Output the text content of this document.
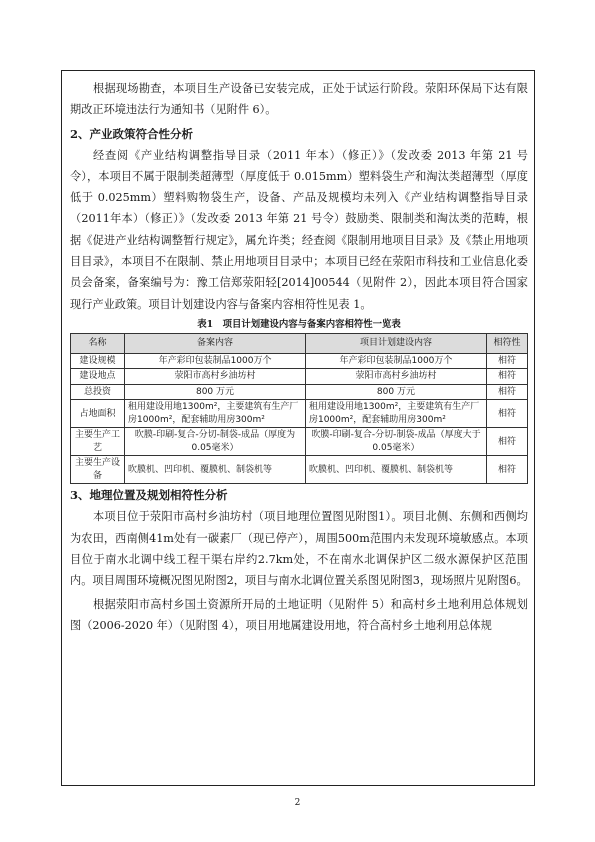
根据现场勘查，本项目生产设备已安装完成，正处于试运行阶段。荥阳环保局下达有限期改正环境违法行为通知书（见附件 6）。

2、产业政策符合性分析

经查阅《产业结构调整指导目录（2011 年本）（修正）》（发改委 2013 年第 21 号令），本项目不属于限制类超薄型（厚度低于 0.015mm）塑料袋生产和淘汰类超薄型（厚度低于 0.025mm）塑料购物袋生产，设备、产品及规模均未列入《产业结构调整指导目录（2011年本）（修正）》（发改委 2013 年第 21 号令）鼓励类、限制类和淘汰类的范畴，根据《促进产业结构调整暂行规定》，属允许类；经查阅《限制用地项目目录》及《禁止用地项目目录》，本项目不在限制、禁止用地项目目录中；本项目已经在荥阳市科技和工业信息化委员会备案，备案编号为：豫工信郑荥阳轻[2014]00544（见附件 2），因此本项目符合国家现行产业政策。项目计划建设内容与备案内容相符性见表 1。

表1　项目计划建设内容与备案内容相符性一览表
名称	备案内容	项目计划建设内容	相符性
建设规模	年产彩印包装制品1000万个	年产彩印包装制品1000万个	相符
建设地点	荥阳市高村乡油坊村	荥阳市高村乡油坊村	相符
总投资	800 万元	800 万元	相符
占地面积	租用建设用地1300m²，主要建筑有生产厂房1000m²，配套辅助用房300m²	租用建设用地1300m²，主要建筑有生产厂房1000m²，配套辅助用房300m²	相符
主要生产工艺	吹膜-印刷-复合-分切-制袋-成品（厚度为0.05毫米）	吹膜-印刷-复合-分切-制袋-成品（厚度大于0.05毫米）	相符
主要生产设备	吹膜机、凹印机、覆膜机、制袋机等	吹膜机、凹印机、覆膜机、制袋机等	相符
3、地理位置及规划相符性分析

本项目位于荥阳市高村乡油坊村（项目地理位置图见附图1）。项目北侧、东侧和西侧均为农田，西南侧41m处有一碳素厂（现已停产），周围500m范围内未发现环境敏感点。本项目位于南水北调中线工程干渠右岸约2.7km处，不在南水北调保护区二级水源保护区范围内。项目周围环境概况图见附图2，项目与南水北调位置关系图见附图3，现场照片见附图6。

根据荥阳市高村乡国土资源所开局的土地证明（见附件 5）和高村乡土地利用总体规划图（2006-2020 年）（见附图 4），项目用地属建设用地，符合高村乡土地利用总体规

2
